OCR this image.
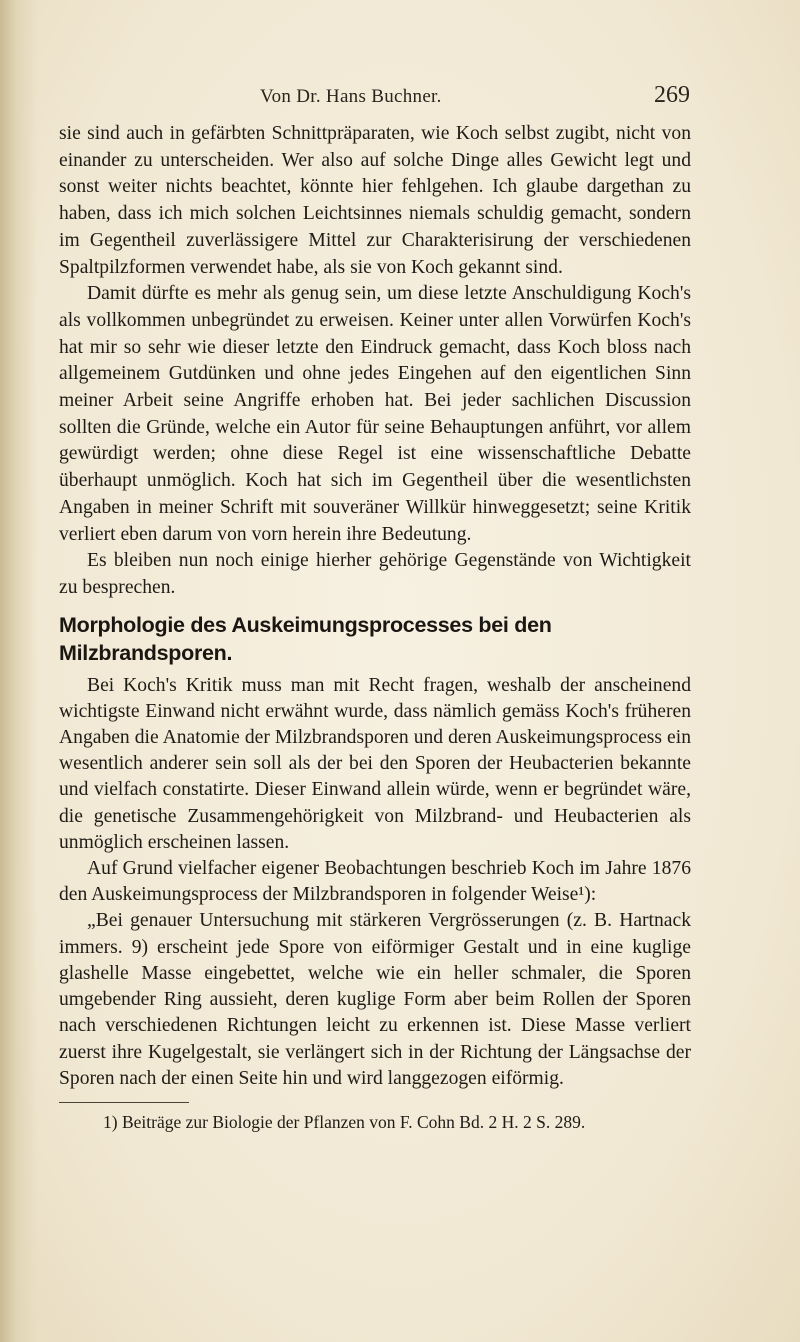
Von Dr. Hans Buchner.	269

sie sind auch in gefärbten Schnittpräparaten, wie Koch selbst zugibt, nicht von einander zu unterscheiden. Wer also auf solche Dinge alles Gewicht legt und sonst weiter nichts beachtet, könnte hier fehlgehen. Ich glaube dargethan zu haben, dass ich mich solchen Leichtsinnes niemals schuldig gemacht, sondern im Gegentheil zuverlässigere Mittel zur Charakterisirung der verschiedenen Spaltpilzformen verwendet habe, als sie von Koch gekannt sind.

Damit dürfte es mehr als genug sein, um diese letzte Anschuldigung Koch's als vollkommen unbegründet zu erweisen. Keiner unter allen Vorwürfen Koch's hat mir so sehr wie dieser letzte den Eindruck gemacht, dass Koch bloss nach allgemeinem Gutdünken und ohne jedes Eingehen auf den eigentlichen Sinn meiner Arbeit seine Angriffe erhoben hat. Bei jeder sachlichen Discussion sollten die Gründe, welche ein Autor für seine Behauptungen anführt, vor allem gewürdigt werden; ohne diese Regel ist eine wissenschaftliche Debatte überhaupt unmöglich. Koch hat sich im Gegentheil über die wesentlichsten Angaben in meiner Schrift mit souveräner Willkür hinweggesetzt; seine Kritik verliert eben darum von vorn herein ihre Bedeutung.

Es bleiben nun noch einige hierher gehörige Gegenstände von Wichtigkeit zu besprechen.

Morphologie des Auskeimungsprocesses bei den Milzbrandsporen.

Bei Koch's Kritik muss man mit Recht fragen, weshalb der anscheinend wichtigste Einwand nicht erwähnt wurde, dass nämlich gemäss Koch's früheren Angaben die Anatomie der Milzbrandsporen und deren Auskeimungsprocess ein wesentlich anderer sein soll als der bei den Sporen der Heubacterien bekannte und vielfach constatirte. Dieser Einwand allein würde, wenn er begründet wäre, die genetische Zusammengehörigkeit von Milzbrand- und Heubacterien als unmöglich erscheinen lassen.

Auf Grund vielfacher eigener Beobachtungen beschrieb Koch im Jahre 1876 den Auskeimungsprocess der Milzbrandsporen in folgender Weise¹):

„Bei genauer Untersuchung mit stärkeren Vergrösserungen (z. B. Hartnack immers. 9) erscheint jede Spore von eiförmiger Gestalt und in eine kuglige glashelle Masse eingebettet, welche wie ein heller schmaler, die Sporen umgebender Ring aussieht, deren kuglige Form aber beim Rollen der Sporen nach verschiedenen Richtungen leicht zu erkennen ist. Diese Masse verliert zuerst ihre Kugelgestalt, sie verlängert sich in der Richtung der Längsachse der Sporen nach der einen Seite hin und wird langgezogen eiförmig.

1) Beiträge zur Biologie der Pflanzen von F. Cohn Bd. 2 H. 2 S. 289.
